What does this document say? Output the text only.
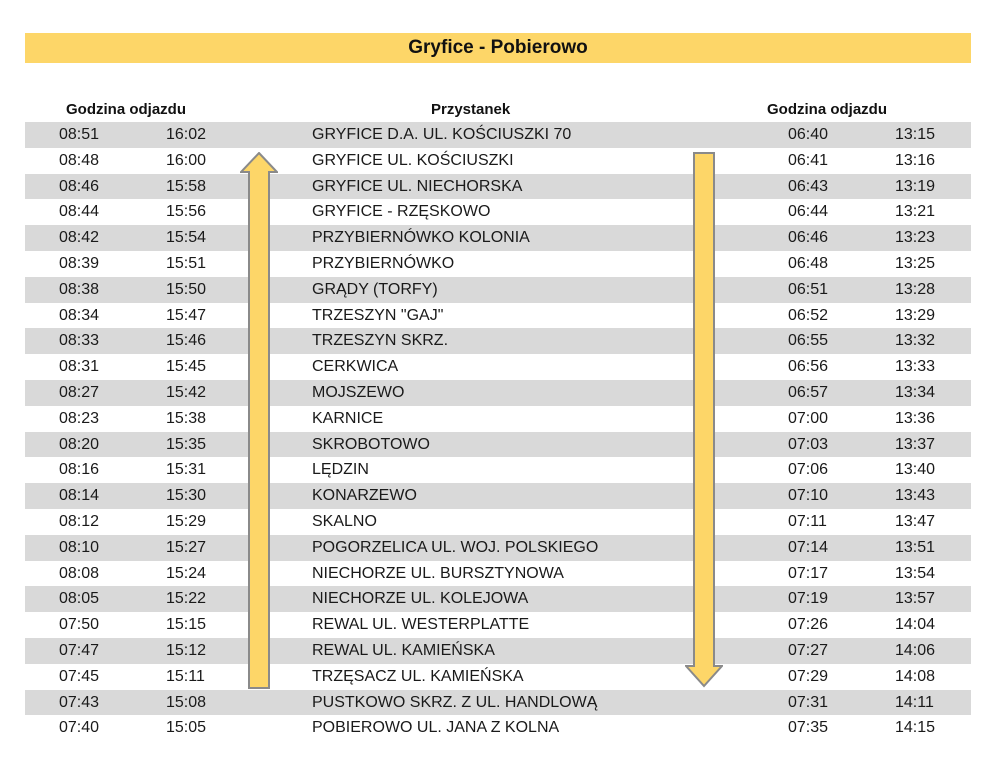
Gryfice - Pobierowo
Godzina odjazdu	Przystanek	Godzina odjazdu
08:51	16:02	GRYFICE D.A. UL. KOŚCIUSZKI 70	06:40	13:15
08:48	16:00	GRYFICE UL. KOŚCIUSZKI	06:41	13:16
08:46	15:58	GRYFICE UL. NIECHORSKA	06:43	13:19
08:44	15:56	GRYFICE - RZĘSKOWO	06:44	13:21
08:42	15:54	PRZYBIERNÓWKO KOLONIA	06:46	13:23
08:39	15:51	PRZYBIERNÓWKO	06:48	13:25
08:38	15:50	GRĄDY (TORFY)	06:51	13:28
08:34	15:47	TRZESZYN "GAJ"	06:52	13:29
08:33	15:46	TRZESZYN SKRZ.	06:55	13:32
08:31	15:45	CERKWICA	06:56	13:33
08:27	15:42	MOJSZEWO	06:57	13:34
08:23	15:38	KARNICE	07:00	13:36
08:20	15:35	SKROBOTOWO	07:03	13:37
08:16	15:31	LĘDZIN	07:06	13:40
08:14	15:30	KONARZEWO	07:10	13:43
08:12	15:29	SKALNO	07:11	13:47
08:10	15:27	POGORZELICA UL. WOJ. POLSKIEGO	07:14	13:51
08:08	15:24	NIECHORZE UL. BURSZTYNOWA	07:17	13:54
08:05	15:22	NIECHORZE UL. KOLEJOWA	07:19	13:57
07:50	15:15	REWAL UL. WESTERPLATTE	07:26	14:04
07:47	15:12	REWAL UL. KAMIEŃSKA	07:27	14:06
07:45	15:11	TRZĘSACZ UL. KAMIEŃSKA	07:29	14:08
07:43	15:08	PUSTKOWO SKRZ. Z UL. HANDLOWĄ	07:31	14:11
07:40	15:05	POBIEROWO UL. JANA Z KOLNA	07:35	14:15
